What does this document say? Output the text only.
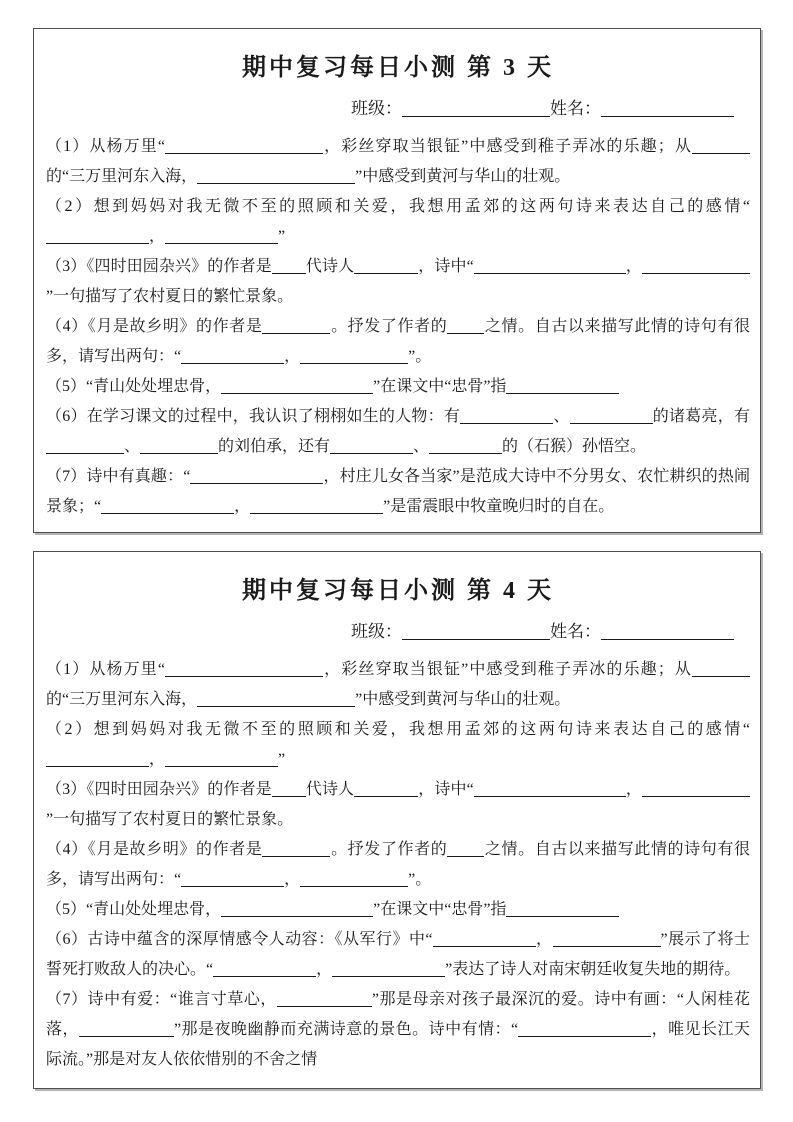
期中复习每日小测 第 3 天
班级：	姓名：

（1）从杨万里“	，彩丝穿取当银钲”中感受到稚子弄冰的乐趣；从的“三万里河东入海，	”中感受到黄河与华山的壮观。

（2）想到妈妈对我无微不至的照顾和关爱，我想用孟郊的这两句诗来表达自己的感情“，	”

（3）《四时田园杂兴》的作者是 代诗人	，诗中“	，”一句描写了农村夏日的繁忙景象。

（4）《月是故乡明》的作者是	。抒发了作者的 之情。自古以来描写此情的诗句有很多，请写出两句：“	，	”。

（5）“青山处处埋忠骨，	”在课文中“忠骨”指

（6）在学习课文的过程中，我认识了栩栩如生的人物：有	、	的诸葛亮，有、	的刘伯承，还有	、	的（石猴）孙悟空。

（7）诗中有真趣：“	，村庄儿女各当家”是范成大诗中不分男女、农忙耕织的热闹景象；“	，	”是雷震眼中牧童晚归时的自在。

期中复习每日小测 第 4 天
班级：	姓名：

（1）从杨万里“	，彩丝穿取当银钲”中感受到稚子弄冰的乐趣；从的“三万里河东入海，	”中感受到黄河与华山的壮观。

（2）想到妈妈对我无微不至的照顾和关爱，我想用孟郊的这两句诗来表达自己的感情“，	”

（3）《四时田园杂兴》的作者是 代诗人	，诗中“	，”一句描写了农村夏日的繁忙景象。

（4）《月是故乡明》的作者是	。抒发了作者的 之情。自古以来描写此情的诗句有很多，请写出两句：“	，	”。

（5）“青山处处埋忠骨，	”在课文中“忠骨”指

（6）古诗中蕴含的深厚情感令人动容：《从军行》中“	，	”展示了将士誓死打败敌人的决心。“	，	”表达了诗人对南宋朝廷收复失地的期待。

（7）诗中有爱：“谁言寸草心，	”那是母亲对孩子最深沉的爱。诗中有画：“人闲桂花落，	”那是夜晚幽静而充满诗意的景色。诗中有情：“	，唯见长江天际流。”那是对友人依依惜别的不舍之情
